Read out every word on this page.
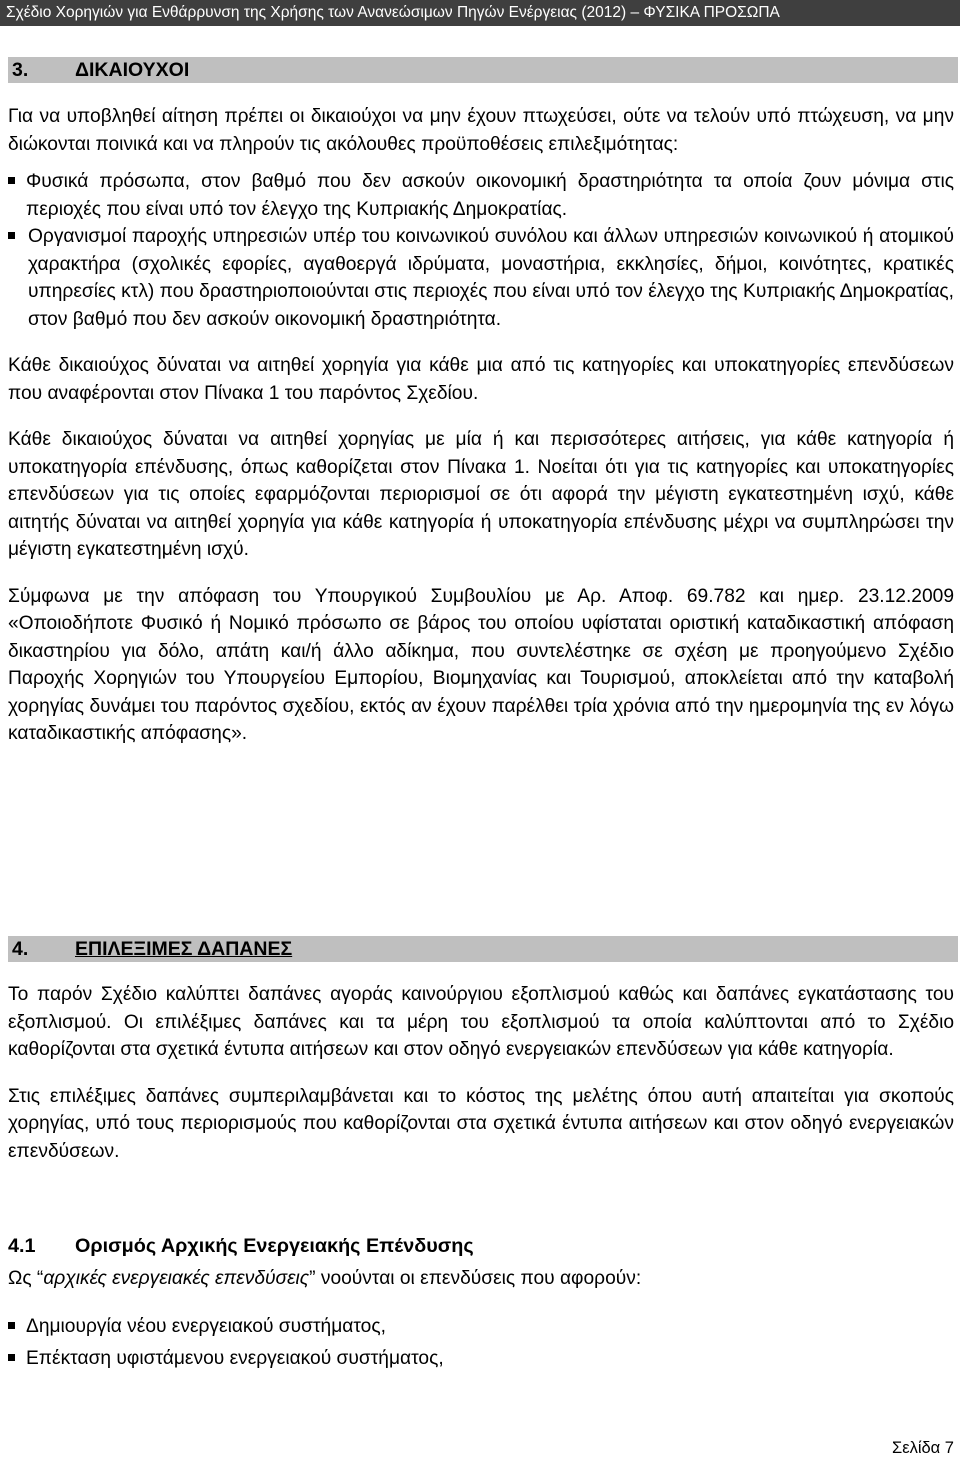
Σχέδιο Χορηγιών για Ενθάρρυνση της Χρήσης των Ανανεώσιμων Πηγών Ενέργειας (2012) – ΦΥΣΙΚΑ ΠΡΟΣΩΠΑ
3. ΔΙΚΑΙΟΥΧΟΙ

Για να υποβληθεί αίτηση πρέπει οι δικαιούχοι να μην έχουν πτωχεύσει, ούτε να τελούν υπό πτώχευση, να μην διώκονται ποινικά και να πληρούν τις ακόλουθες προϋποθέσεις επιλεξιμότητας:

Φυσικά πρόσωπα, στον βαθμό που δεν ασκούν οικονομική δραστηριότητα τα οποία ζουν μόνιμα στις περιοχές που είναι υπό τον έλεγχο της Κυπριακής Δημοκρατίας.
Οργανισμοί παροχής υπηρεσιών υπέρ του κοινωνικού συνόλου και άλλων υπηρεσιών κοινωνικού ή ατομικού χαρακτήρα (σχολικές εφορίες, αγαθοεργά ιδρύματα, μοναστήρια, εκκλησίες, δήμοι, κοινότητες, κρατικές υπηρεσίες κτλ) που δραστηριοποιούνται στις περιοχές που είναι υπό τον έλεγχο της Κυπριακής Δημοκρατίας, στον βαθμό που δεν ασκούν οικονομική δραστηριότητα.

Κάθε δικαιούχος δύναται να αιτηθεί χορηγία για κάθε μια από τις κατηγορίες και υποκατηγορίες επενδύσεων που αναφέρονται στον Πίνακα 1 του παρόντος Σχεδίου.

Κάθε δικαιούχος δύναται να αιτηθεί χορηγίας με μία ή και περισσότερες αιτήσεις, για κάθε κατηγορία ή υποκατηγορία επένδυσης, όπως καθορίζεται στον Πίνακα 1. Νοείται ότι για τις κατηγορίες και υποκατηγορίες επενδύσεων για τις οποίες εφαρμόζονται περιορισμοί σε ότι αφορά την μέγιστη εγκατεστημένη ισχύ, κάθε αιτητής δύναται να αιτηθεί χορηγία για κάθε κατηγορία ή υποκατηγορία επένδυσης μέχρι να συμπληρώσει την μέγιστη εγκατεστημένη ισχύ.

Σύμφωνα με την απόφαση του Υπουργικού Συμβουλίου με Αρ. Αποφ. 69.782 και ημερ. 23.12.2009 «Οποιοδήποτε Φυσικό ή Νομικό πρόσωπο σε βάρος του οποίου υφίσταται οριστική καταδικαστική απόφαση δικαστηρίου για δόλο, απάτη και/ή άλλο αδίκημα, που συντελέστηκε σε σχέση με προηγούμενο Σχέδιο Παροχής Χορηγιών του Υπουργείου Εμπορίου, Βιομηχανίας και Τουρισμού, αποκλείεται από την καταβολή χορηγίας δυνάμει του παρόντος σχεδίου, εκτός αν έχουν παρέλθει τρία χρόνια από την ημερομηνία της εν λόγω καταδικαστικής απόφασης».

4. ΕΠΙΛΕΞΙΜΕΣ ΔΑΠΑΝΕΣ

Το παρόν Σχέδιο καλύπτει δαπάνες αγοράς καινούργιου εξοπλισμού καθώς και δαπάνες εγκατάστασης του εξοπλισμού. Οι επιλέξιμες δαπάνες και τα μέρη του εξοπλισμού τα οποία καλύπτονται από το Σχέδιο καθορίζονται στα σχετικά έντυπα αιτήσεων και στον οδηγό ενεργειακών επενδύσεων για κάθε κατηγορία.

Στις επιλέξιμες δαπάνες συμπεριλαμβάνεται και το κόστος της μελέτης όπου αυτή απαιτείται για σκοπούς χορηγίας, υπό τους περιορισμούς που καθορίζονται στα σχετικά έντυπα αιτήσεων και στον οδηγό ενεργειακών επενδύσεων.

4.1 Ορισμός Αρχικής Ενεργειακής Επένδυσης

Ως “αρχικές ενεργειακές επενδύσεις” νοούνται οι επενδύσεις που αφορούν:

Δημιουργία νέου ενεργειακού συστήματος,
Επέκταση υφιστάμενου ενεργειακού συστήματος,
Σελίδα 7
